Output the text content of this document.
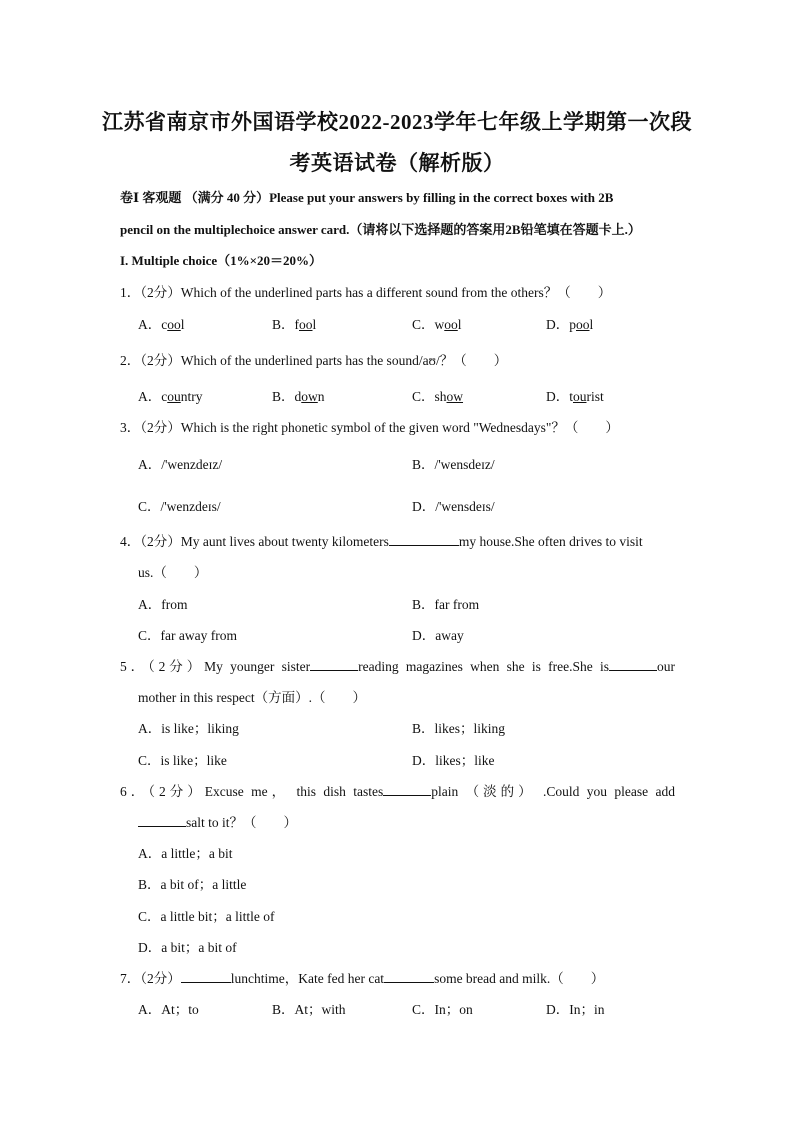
江苏省南京市外国语学校2022-2023学年七年级上学期第一次段
考英语试卷（解析版）
卷Ⅰ 客观题 （满分 40 分）Please put your answers by filling in the correct boxes with 2B
pencil on the multiplechoice answer card.（请将以下选择题的答案用2B铅笔填在答题卡上.）
I. Multiple choice（1%×20＝20%）
1．（2分）Which of the underlined parts has a different sound from the others？（　　）
A．cool	B．fool	C．wool	D．pool
2．（2分）Which of the underlined parts has the sound/aʊ/？（　　）
A．country	B．down	C．show	D．tourist
3．（2分）Which is the right phonetic symbol of the given word "Wednesdays"？（　　）
A．/'wenzdeɪz/	B．/'wensdeɪz/
C．/'wenzdeɪs/	D．/'wensdeɪs/
4．（2分）My aunt lives about twenty kilometers	my house.She often drives to visit
us.（　　）
A．from	B．far from
C．far away from	D．away
5．（2分）My younger sister	reading magazines when she is free.She is	our
mother in this respect（方面）.（　　）
A．is like；liking	B．likes；liking
C．is like；like	D．likes；like
6．（2分）Excuse me， this dish tastes	plain （淡的） .Could you please add
salt to it？（　　）
A．a little；a bit
B．a bit of；a little
C．a little bit；a little of
D．a bit；a bit of
7．（2分）	lunchtime，Kate fed her cat	some bread and milk.（　　）
A．At；to	B．At；with	C．In；on	D．In；in
